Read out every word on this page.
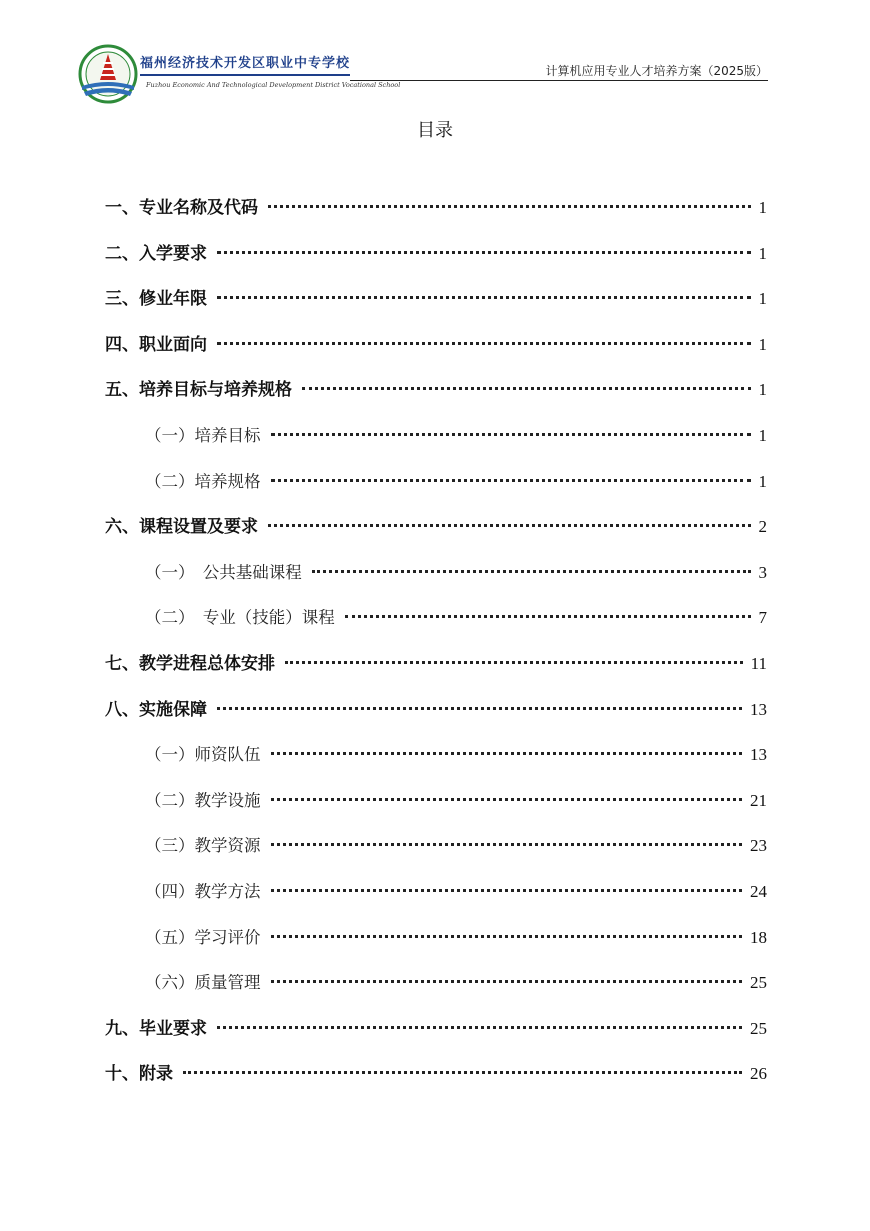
福州经济技术开发区职业中专学校
Fuzhou Economic And Technological Development District Vocational School
计算机应用专业人才培养方案（2025版）
目录
一、专业名称及代码	1
二、入学要求	1
三、修业年限	1
四、职业面向	1
五、培养目标与培养规格	1
（一）培养目标	1
（二）培养规格	1
六、课程设置及要求	2
（一）　公共基础课程	3
（二）　专业（技能）课程	7
七、教学进程总体安排	11
八、实施保障	13
（一）师资队伍	13
（二）教学设施	21
（三）教学资源	23
（四）教学方法	24
（五）学习评价	18
（六）质量管理	25
九、毕业要求	25
十、附录	26
